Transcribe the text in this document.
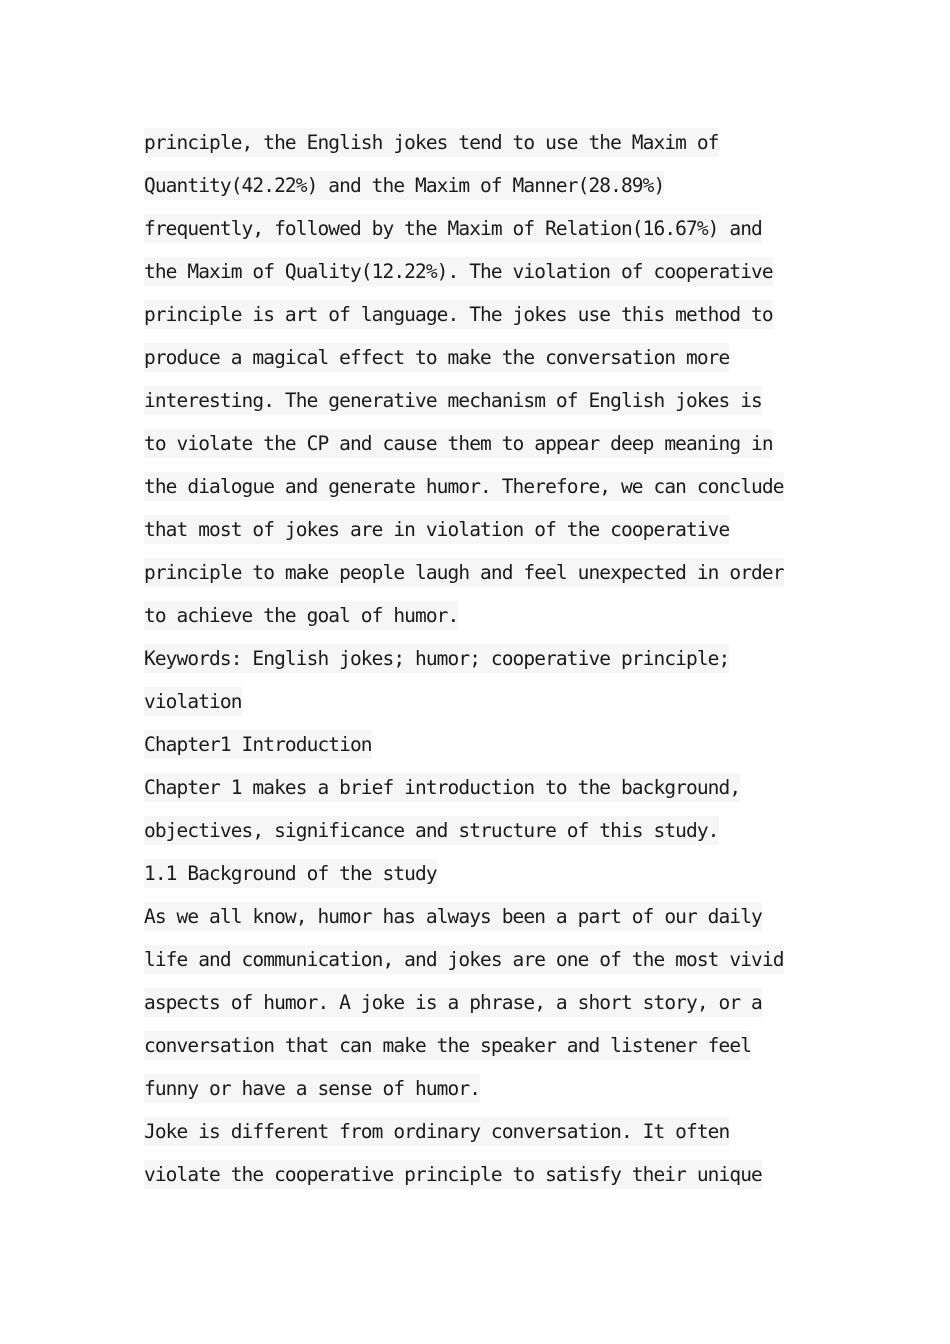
principle, the English jokes tend to use the Maxim of
Quantity(42.22%) and the Maxim of Manner(28.89%)
frequently, followed by the Maxim of Relation(16.67%) and
the Maxim of Quality(12.22%). The violation of cooperative
principle is art of language. The jokes use this method to
produce a magical effect to make the conversation more
interesting. The generative mechanism of English jokes is
to violate the CP and cause them to appear deep meaning in
the dialogue and generate humor. Therefore, we can conclude
that most of jokes are in violation of the cooperative
principle to make people laugh and feel unexpected in order
to achieve the goal of humor.
Keywords: English jokes; humor; cooperative principle;
violation
Chapter1 Introduction
Chapter 1 makes a brief introduction to the background,
objectives, significance and structure of this study.
1.1 Background of the study
As we all know, humor has always been a part of our daily
life and communication, and jokes are one of the most vivid
aspects of humor. A joke is a phrase, a short story, or a
conversation that can make the speaker and listener feel
funny or have a sense of humor.
Joke is different from ordinary conversation. It often
violate the cooperative principle to satisfy their unique
